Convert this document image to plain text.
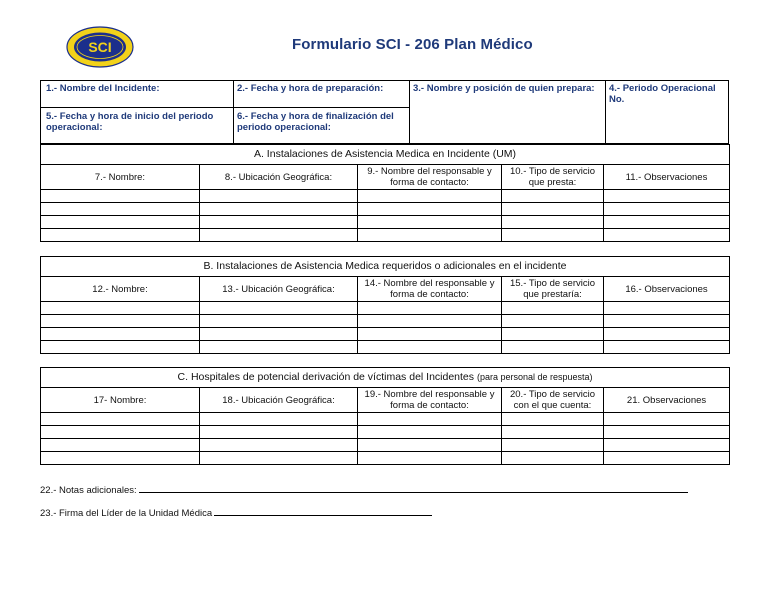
SCI	Formulario SCI - 206 Plan Médico
1.- Nombre del Incidente:	2.- Fecha y hora de preparación:	3.- Nombre y posición de quien prepara:	4.- Periodo Operacional No.
5.- Fecha y hora de inicio del periodo operacional:
6.- Fecha y hora de finalización del periodo operacional:
A. Instalaciones de Asistencia Medica en Incidente (UM)				
7.- Nombre:	8.- Ubicación Geográfica:	9.- Nombre del responsable y forma de contacto:	10.- Tipo de servicio que presta:	11.- Observaciones

B. Instalaciones de Asistencia Medica requeridos o adicionales en el incidente				
12.- Nombre:	13.- Ubicación Geográfica:	14.- Nombre del responsable y forma de contacto:	15.- Tipo de servicio que prestaría:	16.- Observaciones

C. Hospitales de potencial derivación de víctimas del Incidentes (para personal de respuesta)				
17- Nombre:	18.- Ubicación Geográfica:	19.- Nombre del responsable y forma de contacto:	20.- Tipo de servicio con el que cuenta:	21. Observaciones

22.- Notas adicionales:
23.- Firma del Líder de la Unidad Médica
